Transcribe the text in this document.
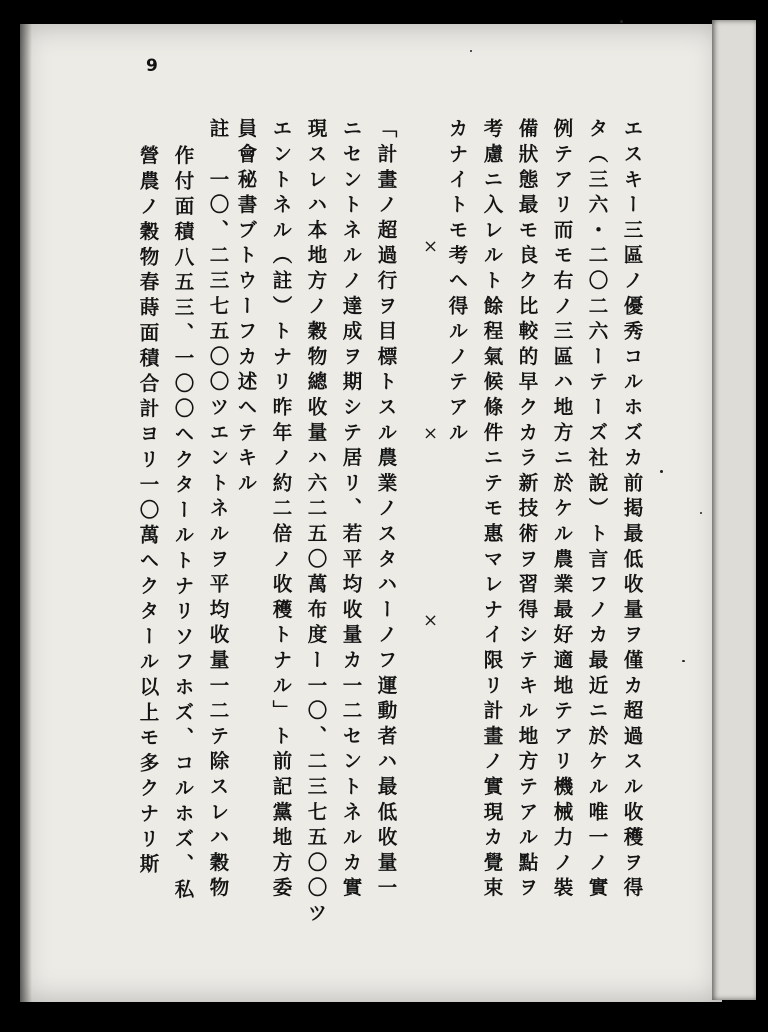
9
エスキー三區ノ優秀コルホズカ前掲最低收量ヲ僅カ超過スル收穫ヲ得
タ（三六・二〇二六ーテーズ社說）ト言フノカ最近ニ於ケル唯一ノ實
例テアリ而モ右ノ三區ハ地方ニ於ケル農業最好適地テアリ機械力ノ裝
備狀態最モ良ク比較的早クカラ新技術ヲ習得シテキル地方テアル點ヲ
考慮ニ入レルト餘程氣候條件ニテモ惠マレナイ限リ計畫ノ實現カ覺束
カナイトモ考ヘ得ルノテアル
×　×　×
「計畫ノ超過行ヲ目標トスル農業ノスタハーノフ運動者ハ最低收量一
ニセントネルノ達成ヲ期シテ居リ、若平均收量カ一二セントネルカ實
現スレハ本地方ノ穀物總收量ハ六二五〇萬布度ー一〇、二三七五〇〇ツ
エントネル（註）トナリ昨年ノ約二倍ノ收穫トナル」ト前記黨地方委
員會秘書ブトウーフカ述ヘテキル
註　一〇、二三七五〇〇ツエントネルヲ平均收量一二テ除スレハ穀物
作付面積八五三、一〇〇ヘクタールトナリソフホズ、コルホズ、私
營農ノ穀物春蒔面積合計ヨリ一〇萬ヘクタール以上モ多クナリ斯
